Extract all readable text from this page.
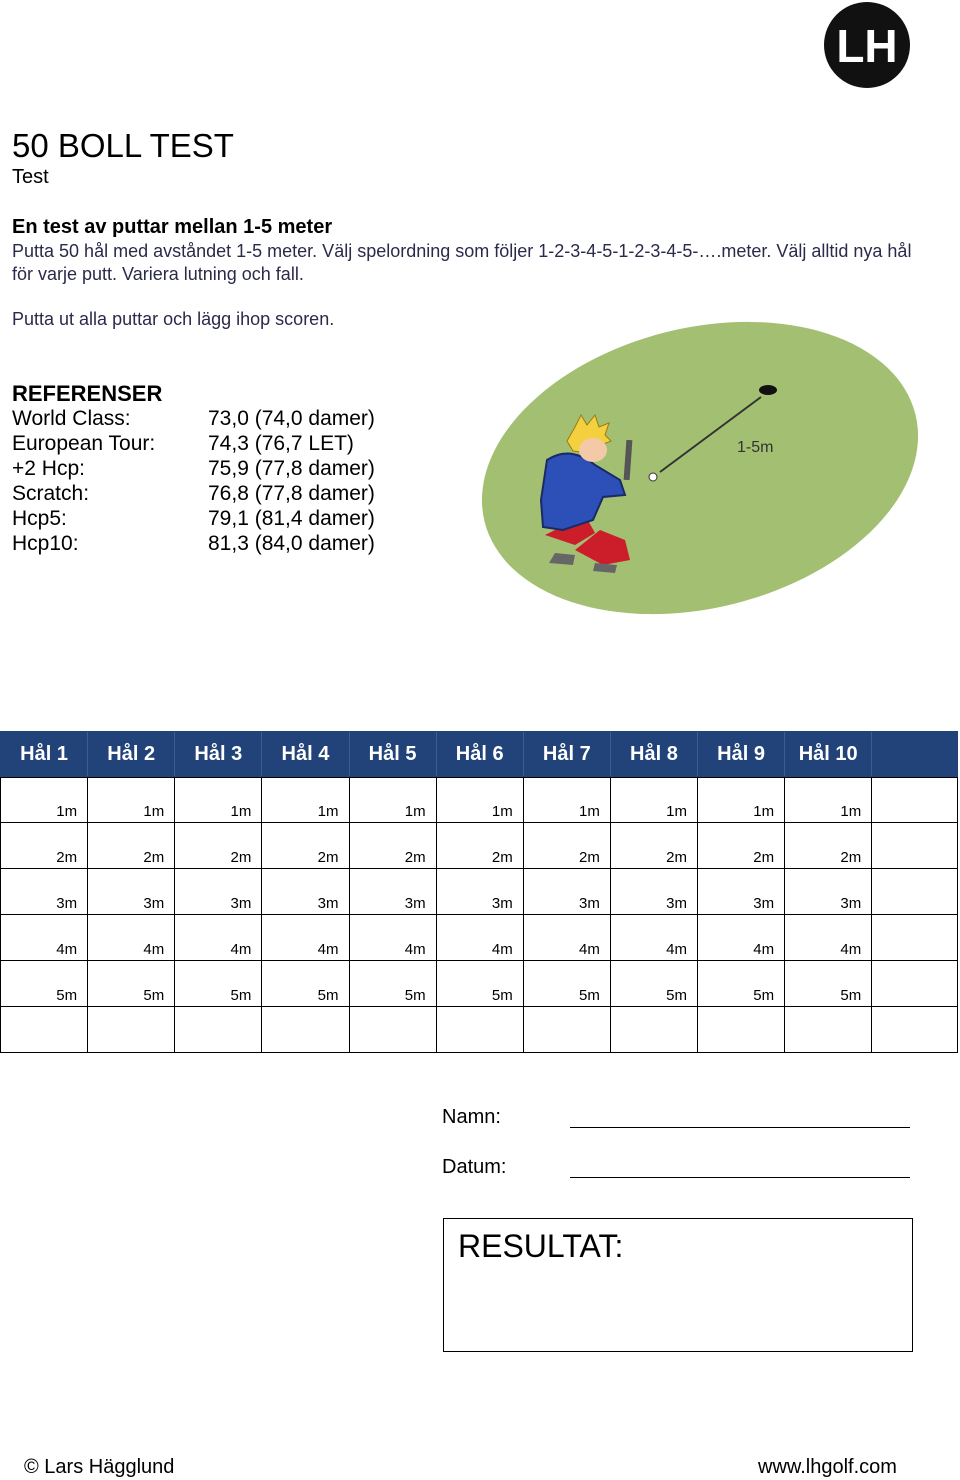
LH
50 BOLL TEST
Test
En test av puttar mellan 1-5 meter
Putta 50 hål med avståndet 1-5 meter. Välj spelordning som följer 1-2-3-4-5-1-2-3-4-5-….meter. Välj alltid nya hål för varje putt. Variera lutning och fall.
Putta ut alla puttar och lägg ihop scoren.
REFERENSER
World Class:	73,0 (74,0 damer)
European Tour:	74,3 (76,7 LET)
+2 Hcp:	75,9 (77,8 damer)
Scratch:	76,8 (77,8 damer)
Hcp5:	79,1 (81,4 damer)
Hcp10:	81,3 (84,0 damer)
1-5m
Hål 1	Hål 2	Hål 3	Hål 4	Hål 5	Hål 6	Hål 7	Hål 8	Hål 9	Hål 10
1m	1m	1m	1m	1m	1m	1m	1m	1m	1m
2m	2m	2m	2m	2m	2m	2m	2m	2m	2m
3m	3m	3m	3m	3m	3m	3m	3m	3m	3m
4m	4m	4m	4m	4m	4m	4m	4m	4m	4m
5m	5m	5m	5m	5m	5m	5m	5m	5m	5m
Namn:
Datum:
RESULTAT:
© Lars Hägglund	www.lhgolf.com
